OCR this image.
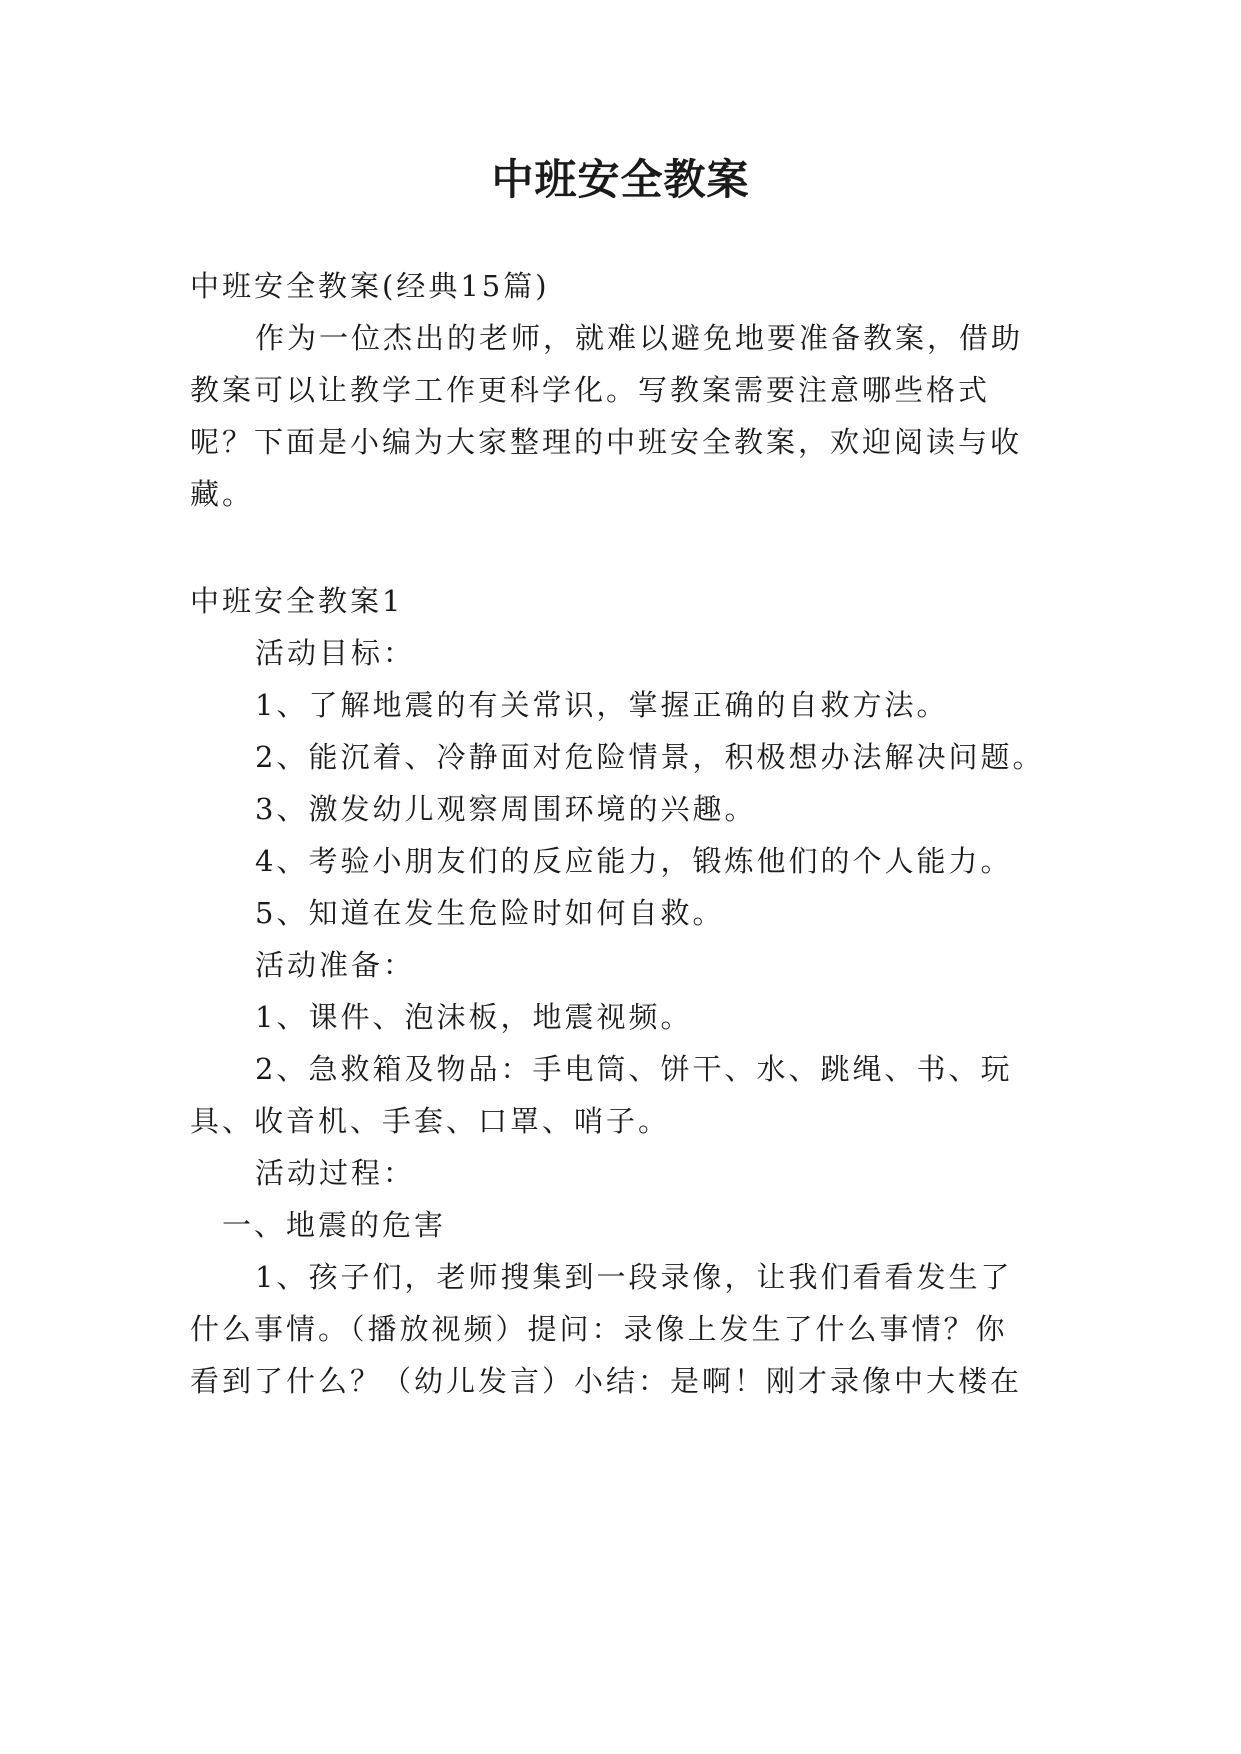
中班安全教案
中班安全教案(经典15篇)
作为一位杰出的老师，就难以避免地要准备教案，借助
教案可以让教学工作更科学化。写教案需要注意哪些格式
呢？下面是小编为大家整理的中班安全教案，欢迎阅读与收
藏。
中班安全教案1
活动目标：
1、了解地震的有关常识，掌握正确的自救方法。
2、能沉着、冷静面对危险情景，积极想办法解决问题。
3、激发幼儿观察周围环境的兴趣。
4、考验小朋友们的反应能力，锻炼他们的个人能力。
5、知道在发生危险时如何自救。
活动准备：
1、课件、泡沫板，地震视频。
2、急救箱及物品：手电筒、饼干、水、跳绳、书、玩
具、收音机、手套、口罩、哨子。
活动过程：
一、地震的危害
1、孩子们，老师搜集到一段录像，让我们看看发生了
什么事情。（播放视频）提问：录像上发生了什么事情？你
看到了什么？（幼儿发言）小结：是啊！刚才录像中大楼在
